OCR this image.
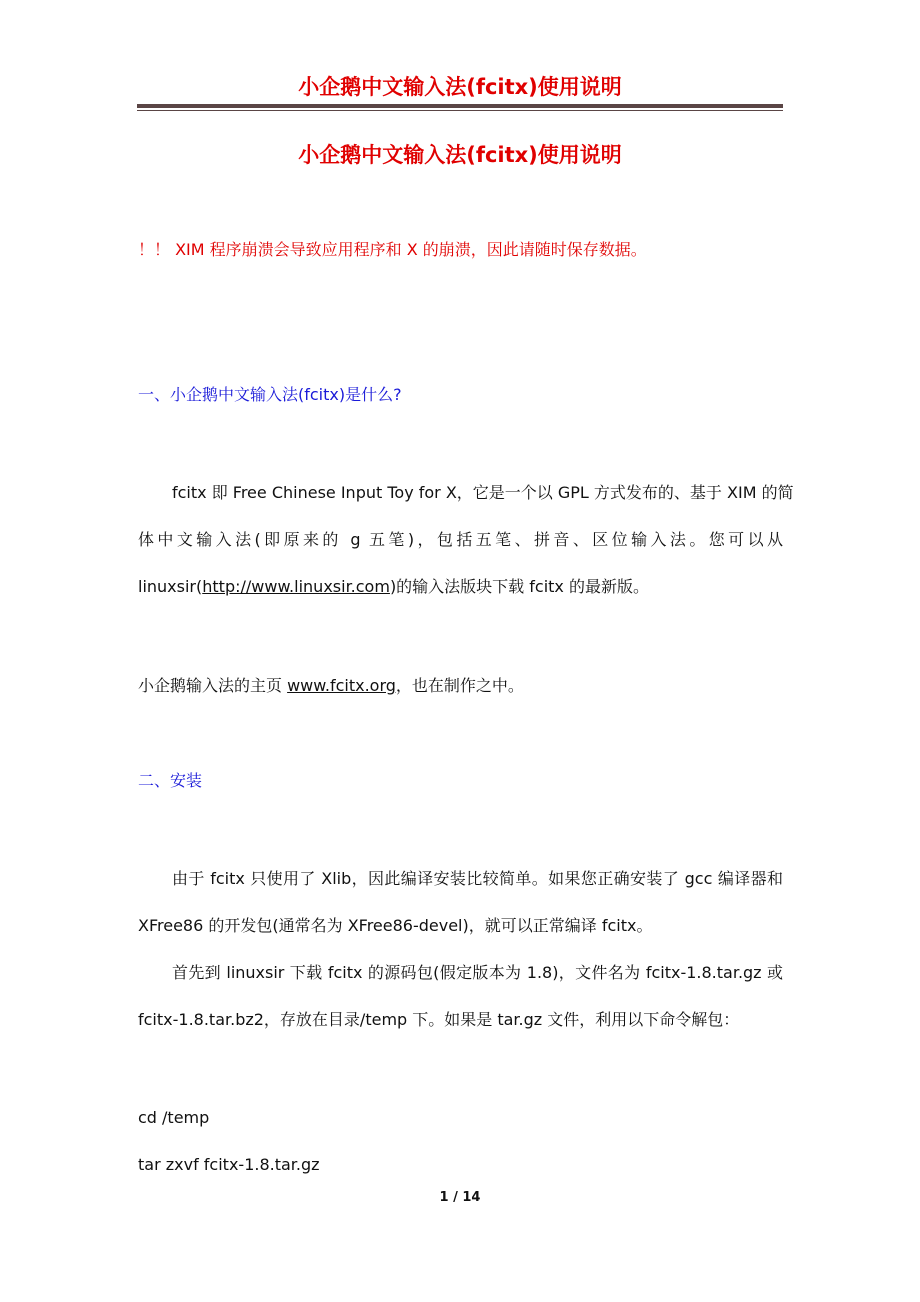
小企鹅中文输入法(fcitx)使用说明
小企鹅中文输入法(fcitx)使用说明
！！ XIM 程序崩溃会导致应用程序和 X 的崩溃，因此请随时保存数据。
一、小企鹅中文输入法(fcitx)是什么?
fcitx 即 Free Chinese Input Toy for X，它是一个以 GPL 方式发布的、基于 XIM 的简
体中文输入法(即原来的 g 五笔)，包括五笔、拼音、区位输入法。您可以从
linuxsir(http://www.linuxsir.com)的输入法版块下载 fcitx 的最新版。
小企鹅输入法的主页 www.fcitx.org，也在制作之中。
二、安装
由于 fcitx 只使用了 Xlib，因此编译安装比较简单。如果您正确安装了 gcc 编译器和
XFree86 的开发包(通常名为 XFree86-devel)，就可以正常编译 fcitx。
首先到 linuxsir 下载 fcitx 的源码包(假定版本为 1.8)，文件名为 fcitx-1.8.tar.gz 或
fcitx-1.8.tar.bz2，存放在目录/temp 下。如果是 tar.gz 文件，利用以下命令解包：
cd /temp
tar zxvf fcitx-1.8.tar.gz
1 / 14
